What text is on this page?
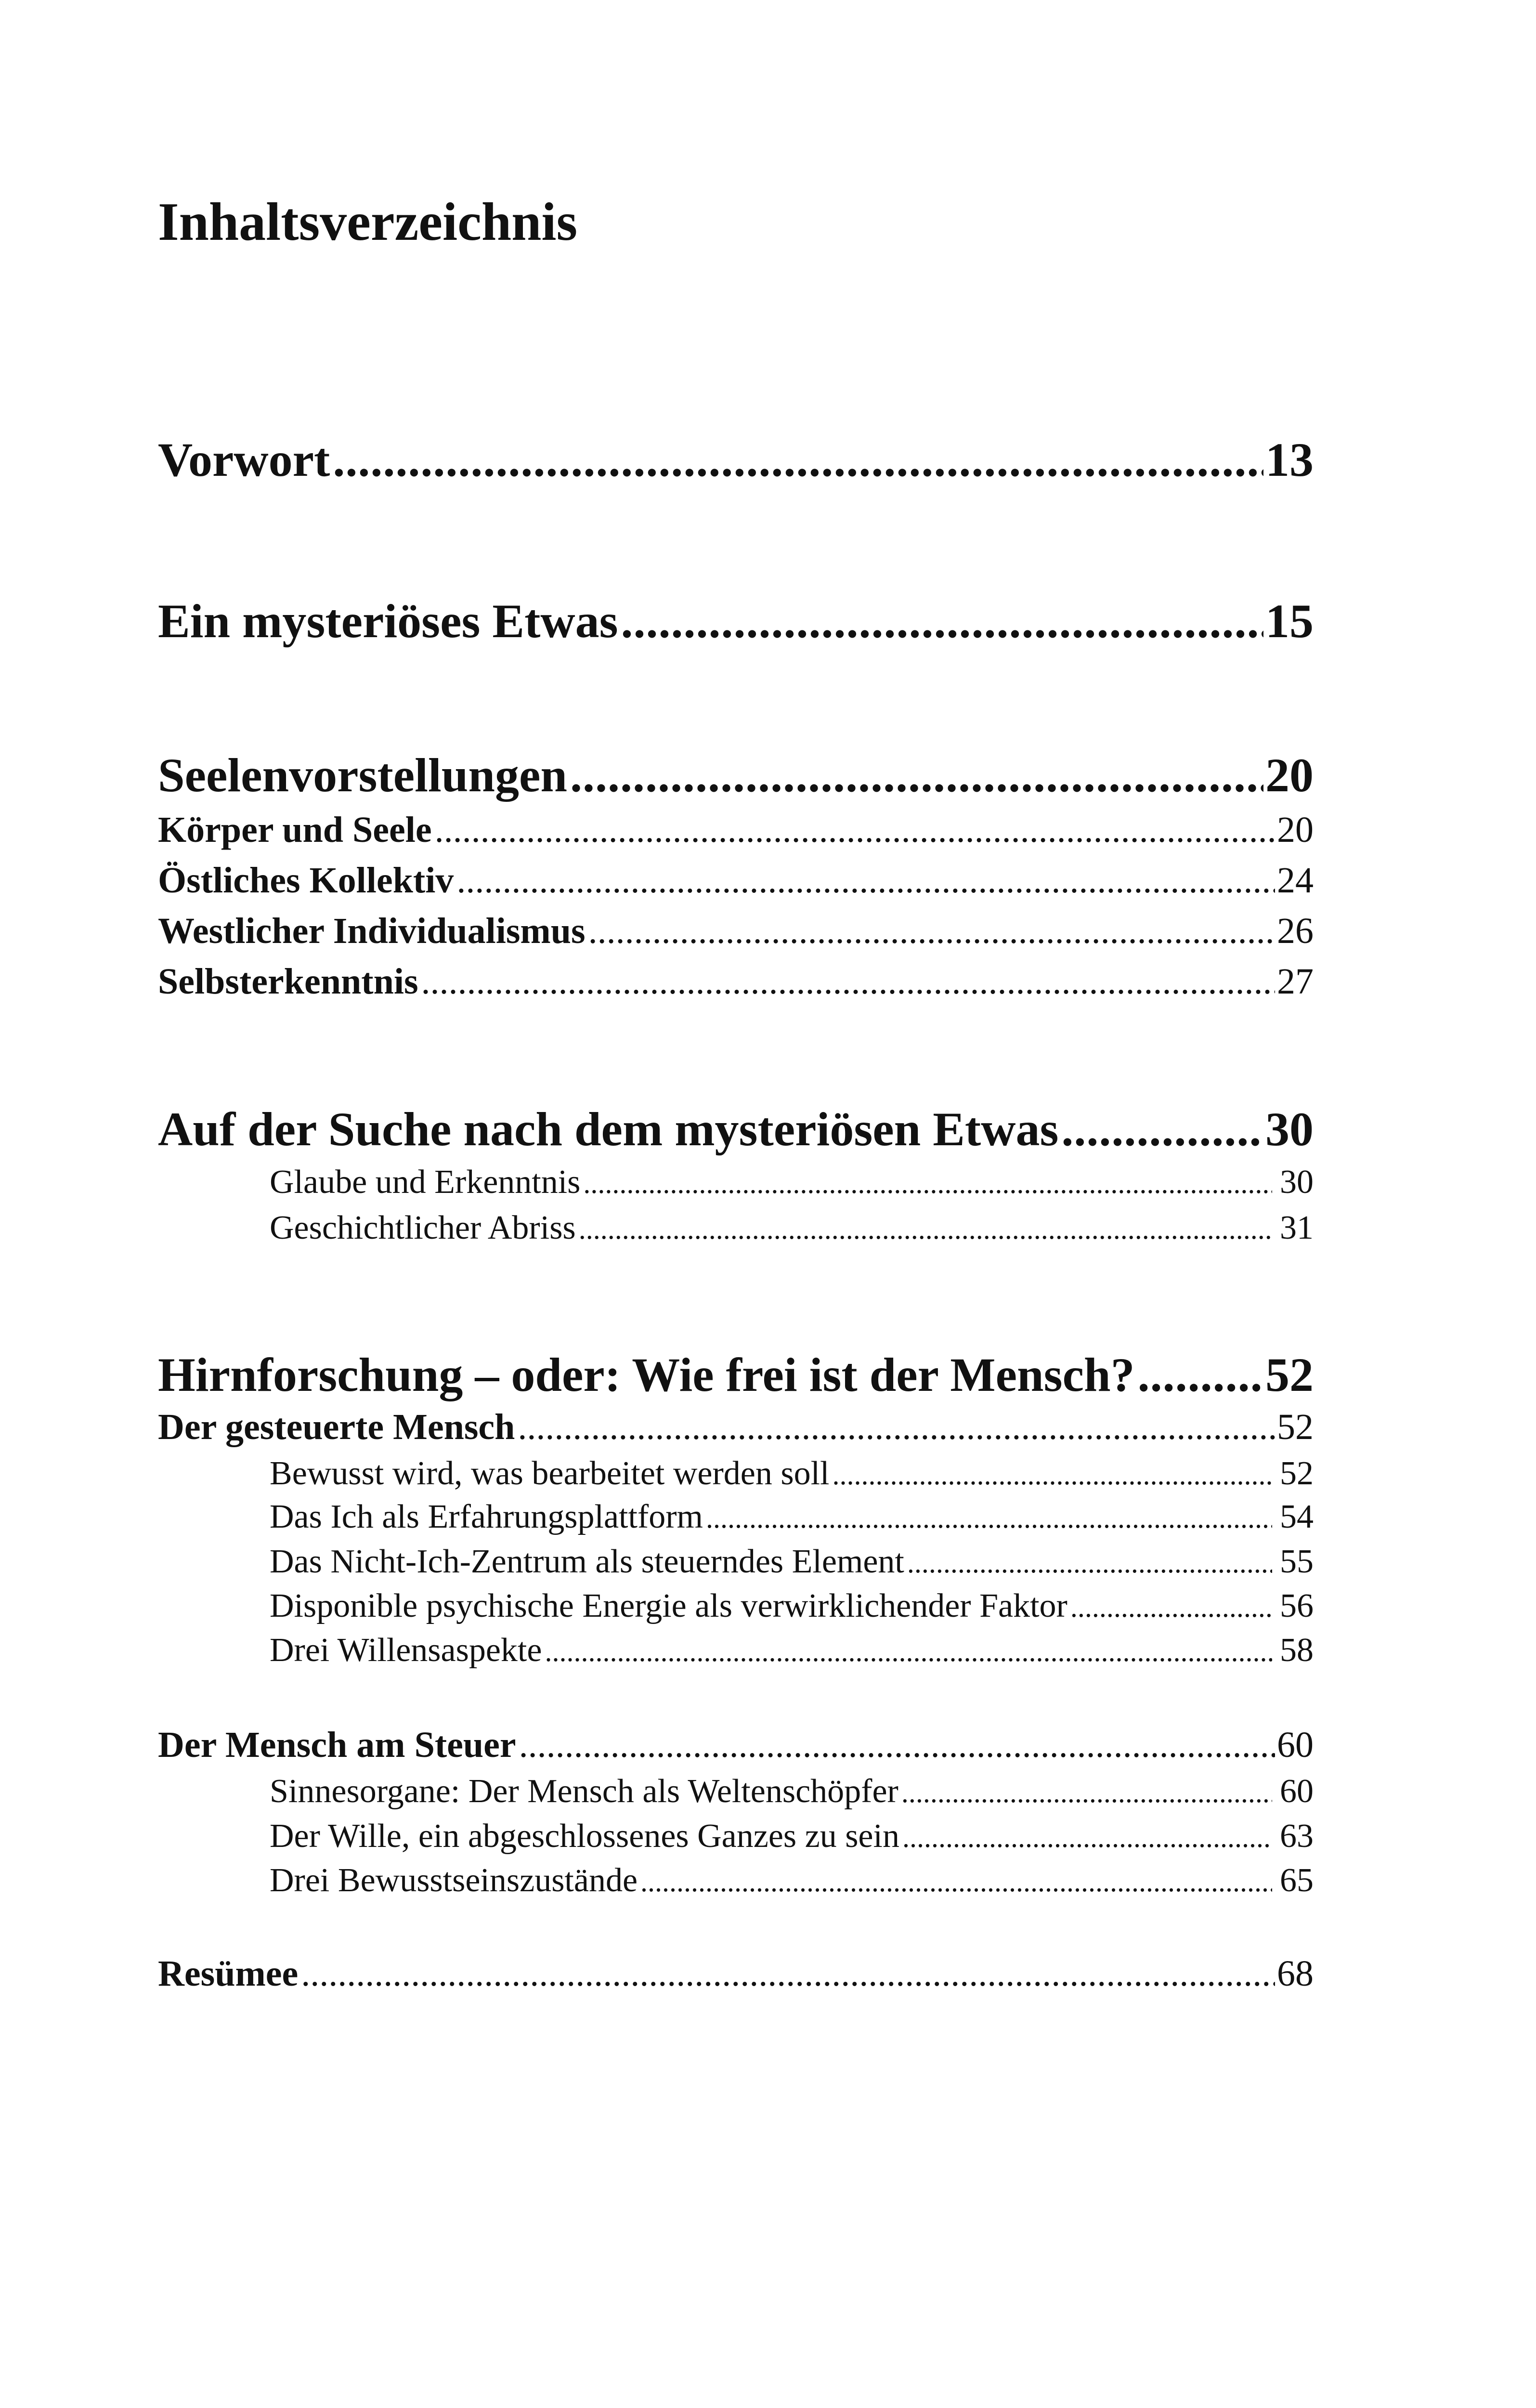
Inhaltsverzeichnis
Vorwort .....	13
Ein mysteriöses Etwas .....	15
Seelenvorstellungen .....	20
Körper und Seele .....	20
Östliches Kollektiv .....	24
Westlicher Individualismus .....	26
Selbsterkenntnis .....	27
Auf der Suche nach dem mysteriösen Etwas .....	30
Glaube und Erkenntnis .....	30
Geschichtlicher Abriss .....	31
Hirnforschung – oder: Wie frei ist der Mensch? .....	52
Der gesteuerte Mensch .....	52
Bewusst wird, was bearbeitet werden soll .....	52
Das Ich als Erfahrungsplattform .....	54
Das Nicht-Ich-Zentrum als steuerndes Element .....	55
Disponible psychische Energie als verwirklichender Faktor .....	56
Drei Willensaspekte .....	58
Der Mensch am Steuer .....	60
Sinnesorgane: Der Mensch als Weltenschöpfer .....	60
Der Wille, ein abgeschlossenes Ganzes zu sein .....	63
Drei Bewusstseinszustände .....	65
Resümee .....	68
